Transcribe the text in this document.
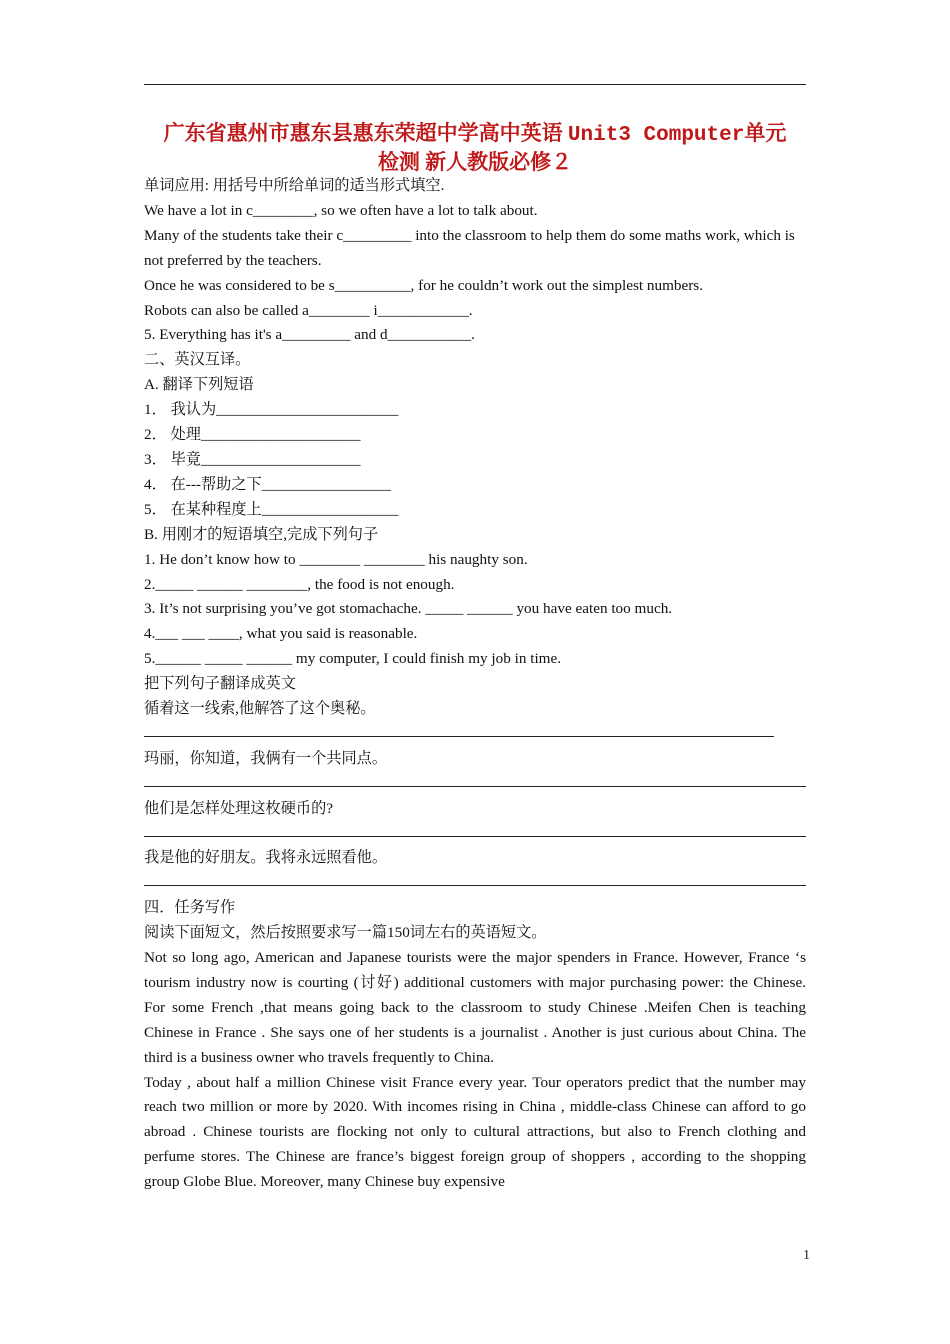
广东省惠州市惠东县惠东荣超中学高中英语 Unit3 Computer单元
检测 新人教版必修２
单词应用: 用括号中所给单词的适当形式填空.
We have a lot in c________, so we often have a lot to talk about.
Many of the students take their c_________ into the classroom to help them do some maths work, which is not preferred by the teachers.
Once he was considered to be s__________, for he couldn’t work out the simplest numbers.
Robots can also be called a________ i____________.
5. Everything has it's a_________ and d___________.
二、英汉互译。
A. 翻译下列短语
1． 我认为________________________
2． 处理_____________________
3． 毕竟_____________________
4． 在---帮助之下_________________
5． 在某种程度上__________________
B. 用刚才的短语填空,完成下列句子
1. He don’t know how to ________ ________ his naughty son.
2._____ ______ ________, the food is not enough.
3. It’s not surprising you’ve got stomachache. _____ ______ you have eaten too much.
4.___ ___ ____, what you said is reasonable.
5.______ _____ ______ my computer, I could finish my job in time.
把下列句子翻译成英文
循着这一线索,他解答了这个奥秘。
玛丽，你知道，我俩有一个共同点。
他们是怎样处理这枚硬币的?
我是他的好朋友。我将永远照看他。
四．任务写作
阅读下面短文，然后按照要求写一篇150词左右的英语短文。
Not so long ago, American and Japanese tourists were the major spenders in France. However, France ‘s tourism industry now is courting (讨好) additional customers with major purchasing power: the Chinese. For some French ,that means going back to the classroom to study Chinese .Meifen Chen is teaching Chinese in France . She says one of her students is a journalist . Another is just curious about China. The third is a business owner who travels frequently to China.
Today , about half a million Chinese visit France every year. Tour operators predict that the number may reach two million or more by 2020. With incomes rising in China , middle-class Chinese can afford to go abroad . Chinese tourists are flocking not only to cultural attractions, but also to French clothing and perfume stores. The Chinese are france’s biggest foreign group of shoppers , according to the shopping group Globe Blue. Moreover, many Chinese buy expensive
1
